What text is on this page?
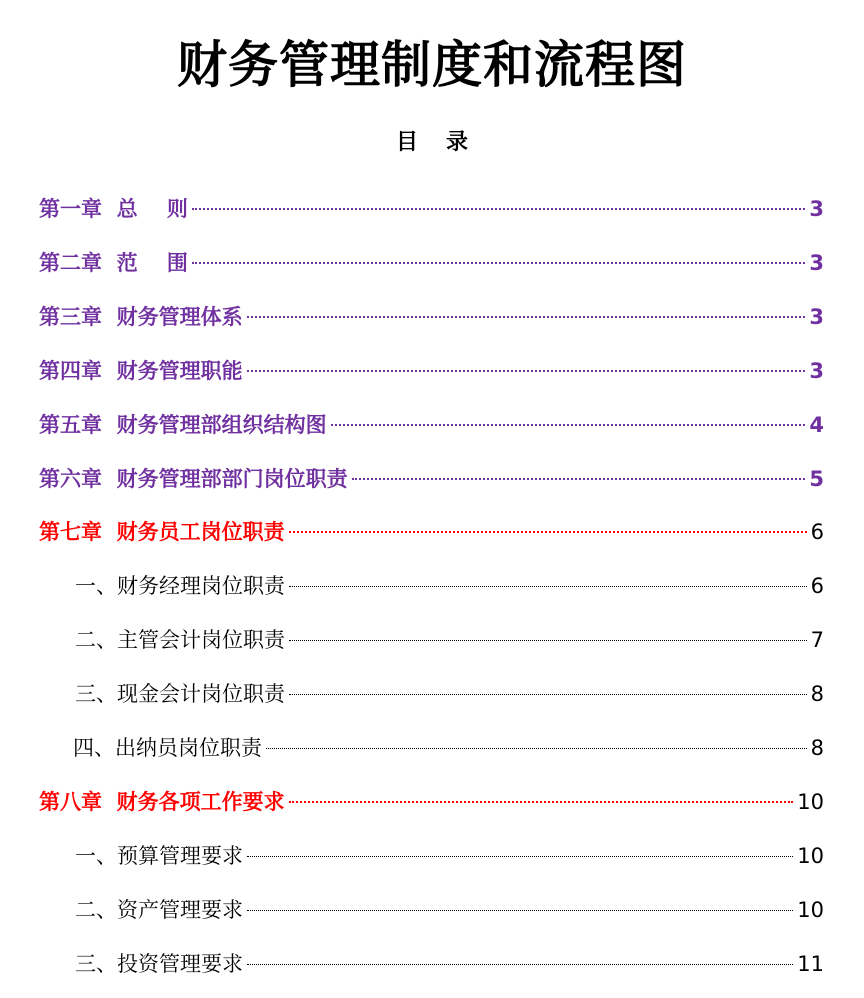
财务管理制度和流程图
目录
第一章  总    则	3
第二章  范    围	3
第三章  财务管理体系	3
第四章  财务管理职能	3
第五章  财务管理部组织结构图	4
第六章  财务管理部部门岗位职责	5
第七章  财务员工岗位职责	6
一、财务经理岗位职责	6
二、主管会计岗位职责	7
三、现金会计岗位职责	8
四、出纳员岗位职责	8
第八章  财务各项工作要求	10
一、预算管理要求	10
二、资产管理要求	10
三、投资管理要求	11
